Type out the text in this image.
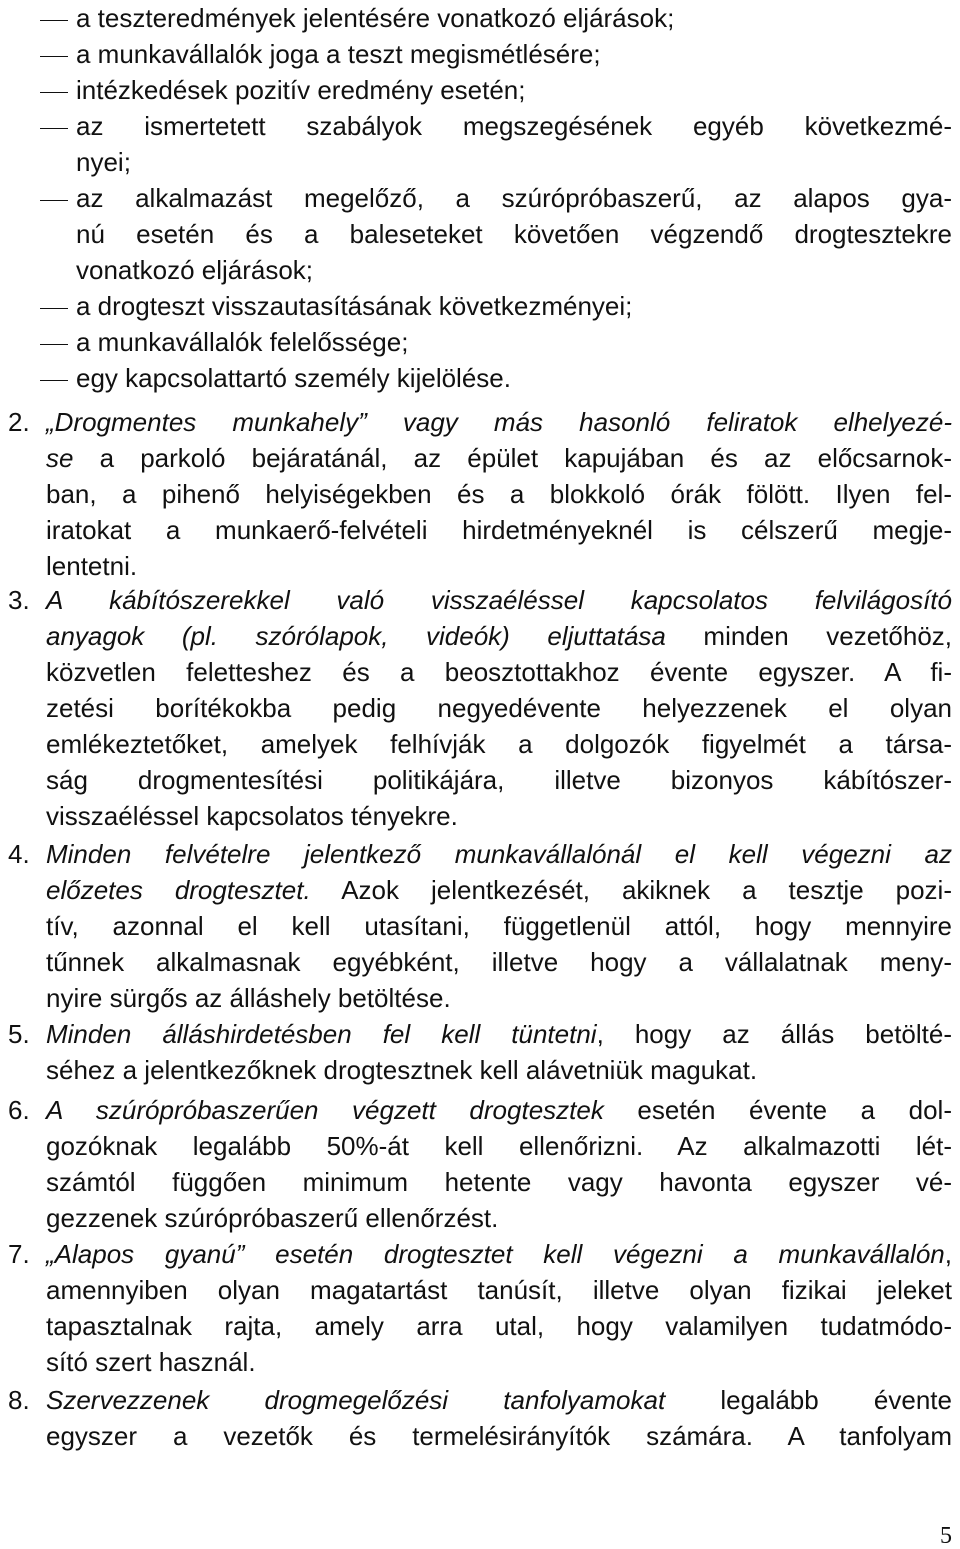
a teszteredmények jelentésére vonatkozó eljárások;
a munkavállalók joga a teszt megismétlésére;
intézkedések pozitív eredmény esetén;
az ismertetett szabályok megszegésének egyéb következmé-
nyei;
az alkalmazást megelőző, a szúrópróbaszerű, az alapos gya-
nú esetén és a baleseteket követően végzendő drogtesztekre
vonatkozó eljárások;
a drogteszt visszautasításának következményei;
a munkavállalók felelőssége;
egy kapcsolattartó személy kijelölése.
2. „Drogmentes munkahely” vagy más hasonló feliratok elhelyezé-
se a parkoló bejáratánál, az épület kapujában és az előcsarnok-
ban, a pihenő helyiségekben és a blokkoló órák fölött. Ilyen fel-
iratokat a munkaerő-felvételi hirdetményeknél is célszerű megje-
lentetni.
3. A kábítószerekkel való visszaéléssel kapcsolatos felvilágosító
anyagok (pl. szórólapok, videók) eljuttatása minden vezetőhöz,
közvetlen feletteshez és a beosztottakhoz évente egyszer. A fi-
zetési borítékokba pedig negyedévente helyezzenek el olyan
emlékeztetőket, amelyek felhívják a dolgozók figyelmét a társa-
ság drogmentesítési politikájára, illetve bizonyos kábítószer-
visszaéléssel kapcsolatos tényekre.
4. Minden felvételre jelentkező munkavállalónál el kell végezni az
előzetes drogtesztet. Azok jelentkezését, akiknek a tesztje pozi-
tív, azonnal el kell utasítani, függetlenül attól, hogy mennyire
tűnnek alkalmasnak egyébként, illetve hogy a vállalatnak meny-
nyire sürgős az álláshely betöltése.
5. Minden álláshirdetésben fel kell tüntetni, hogy az állás betölté-
séhez a jelentkezőknek drogtesztnek kell alávetniük magukat.
6. A szúrópróbaszerűen végzett drogtesztek esetén évente a dol-
gozóknak legalább 50%-át kell ellenőrizni. Az alkalmazotti lét-
számtól függően minimum hetente vagy havonta egyszer vé-
gezzenek szúrópróbaszerű ellenőrzést.
7. „Alapos gyanú” esetén drogtesztet kell végezni a munkavállalón,
amennyiben olyan magatartást tanúsít, illetve olyan fizikai jeleket
tapasztalnak rajta, amely arra utal, hogy valamilyen tudatmódo-
sító szert használ.
8. Szervezzenek drogmegelőzési tanfolyamokat legalább évente
egyszer a vezetők és termelésirányítók számára. A tanfolyam
5
